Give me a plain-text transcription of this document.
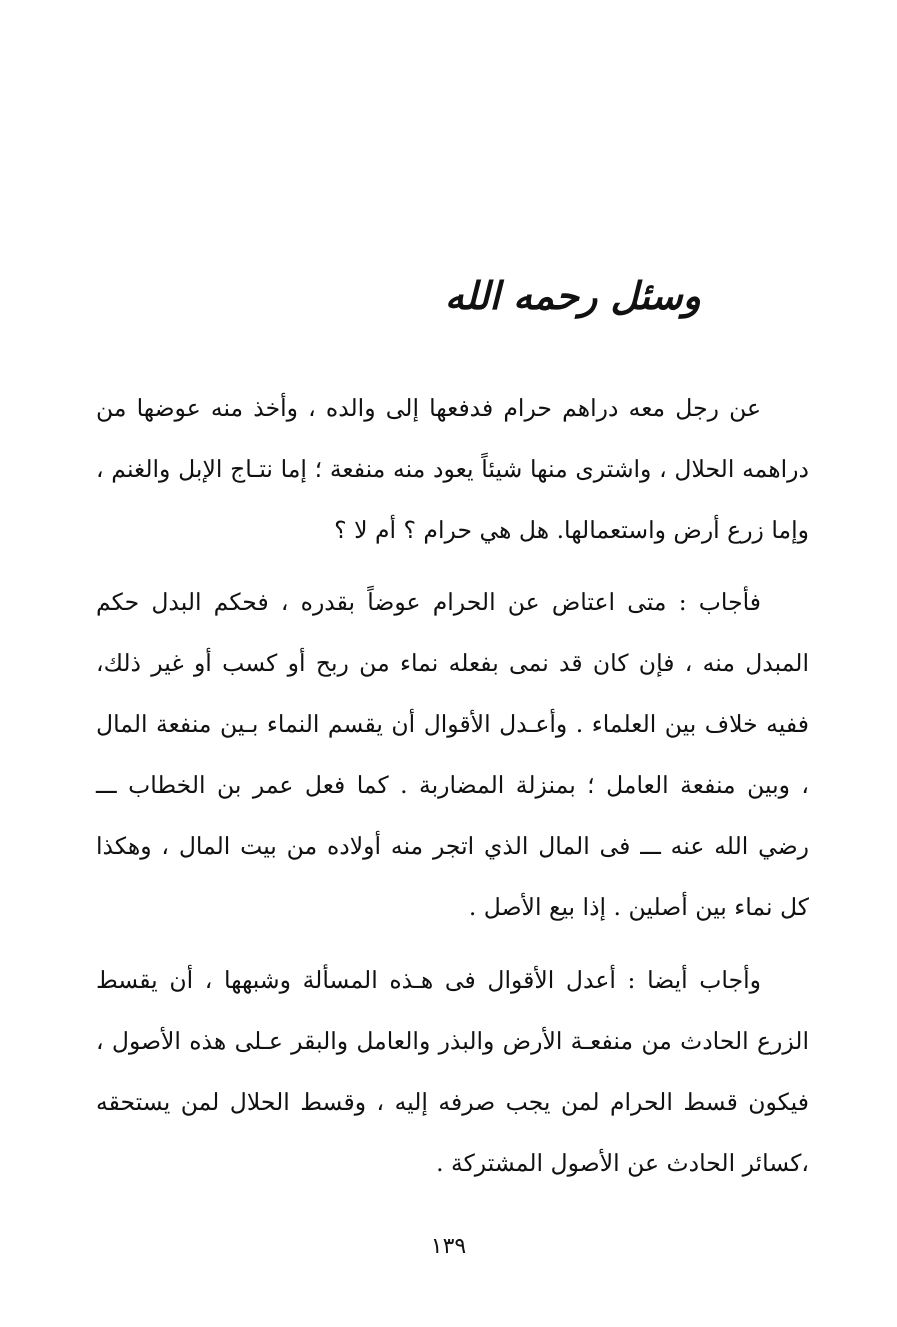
وسئل رحمه الله

عن رجل معه دراهم حرام فدفعها إلى والده ، وأخذ منه عوضها من دراهمه الحلال ، واشترى منها شيئاً يعود منه منفعة ؛ إما نتـاج الإبل والغنم ، وإما زرع أرض واستعمالها. هل هي حرام ؟ أم لا ؟

فأجاب : متى اعتاض عن الحرام عوضاً بقدره ، فحكم البدل حكم المبدل منه ، فإن كان قد نمى بفعله نماء من ربح أو كسب أو غير ذلك، ففيه خلاف بين العلماء . وأعـدل الأقوال أن يقسم النماء بـين منفعة المال ، وبين منفعة العامل ؛ بمنزلة المضاربة . كما فعل عمر بن الخطاب ـــ رضي الله عنه ـــ فى المال الذي اتجر منه أولاده من بيت المال ، وهكذا كل نماء بين أصلين . إذا بيع الأصل .

وأجاب أيضا : أعدل الأقوال فى هـذه المسألة وشبهها ، أن يقسط الزرع الحادث من منفعـة الأرض والبذر والعامل والبقر عـلى هذه الأصول ، فيكون قسط الحرام لمن يجب صرفه إليه ، وقسط الحلال لمن يستحقه ،كسائر الحادث عن الأصول المشتركة .

١٣٩
